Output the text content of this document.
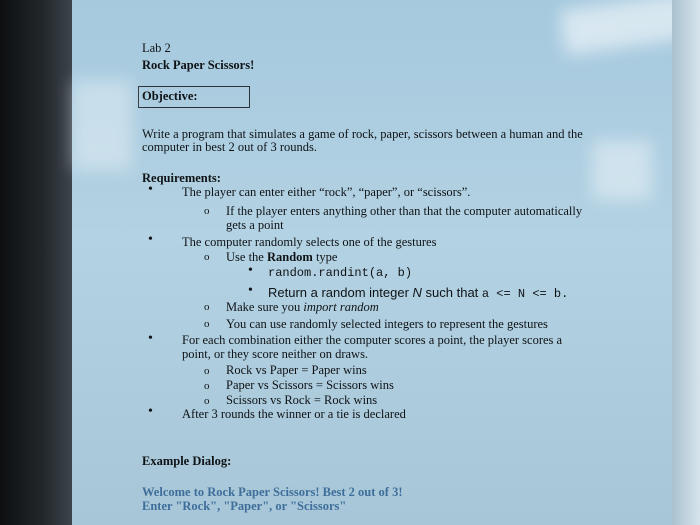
Lab 2
Rock Paper Scissors!
Objective:
Write a program that simulates a game of rock, paper, scissors between a human and the
computer in best 2 out of 3 rounds.
Requirements:
• The player can enter either “rock”, “paper”, or “scissors”.
o If the player enters anything other than that the computer automatically
gets a point
• The computer randomly selects one of the gestures
o Use the Random type
• random.randint(a, b)
• Return a random integer N such that a <= N <= b.
o Make sure you import random
o You can use randomly selected integers to represent the gestures
• For each combination either the computer scores a point, the player scores a
point, or they score neither on draws.
o Rock vs Paper = Paper wins
o Paper vs Scissors = Scissors wins
o Scissors vs Rock = Rock wins
• After 3 rounds the winner or a tie is declared
Example Dialog:
Welcome to Rock Paper Scissors! Best 2 out of 3!
Enter "Rock", "Paper", or "Scissors"
